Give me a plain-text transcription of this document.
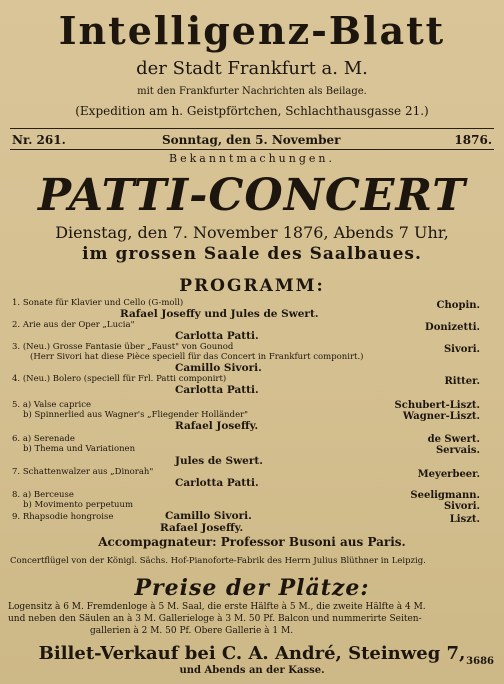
Intelligenz-Blatt
der Stadt Frankfurt a. M.
mit den Frankfurter Nachrichten als Beilage.
(Expedition am h. Geistpförtchen, Schlachthausgasse 21.)
Nr. 261.	Sonntag, den 5. November	1876.
Bekanntmachungen.
PATTI-CONCERT
Dienstag, den 7. November 1876, Abends 7 Uhr,
im grossen Saale des Saalbaues.
PROGRAMM:
1. Sonate für Klavier und Cello (G-moll)
Rafael Joseffy und Jules de Swert.
Chopin.
2. Arie aus der Oper „Lucia"
Carlotta Patti.
Donizetti.
3. (Neu.) Grosse Fantasie über „Faust" von Gounod
(Herr Sivori hat diese Pièce speciell für das Concert in Frankfurt componirt.)
Camillo Sivori.
Sivori.
4. (Neu.) Bolero (speciell für Frl. Patti componirt)
Carlotta Patti.
Ritter.
5. a) Valse caprice
b) Spinnerlied aus Wagner's „Fliegender Holländer"
Rafael Joseffy.
Schubert-Liszt.
Wagner-Liszt.
6. a) Serenade
b) Thema und Variationen
Jules de Swert.
de Swert.
Servais.
7. Schattenwalzer aus „Dinorah"
Carlotta Patti.
Meyerbeer.
8. a) Berceuse
b) Movimento perpetuum
Camillo Sivori.
Seeligmann.
Sivori.
9. Rhapsodie hongroise
Rafael Joseffy.
Liszt.
Accompagnateur: Professor Busoni aus Paris.
Concertflügel von der Königl. Sächs. Hof-Pianoforte-Fabrik des Herrn Julius Blüthner in Leipzig.
Preise der Plätze:
Logensitz à 6 M. Fremdenloge à 5 M. Saal, die erste Hälfte à 5 M., die zweite Hälfte à 4 M.
und neben den Säulen an à 3 M. Gallerieloge à 3 M. 50 Pf. Balcon und nummerirte Seiten-
gallerien à 2 M. 50 Pf. Obere Gallerie à 1 M.
Billet-Verkauf bei C. A. André, Steinweg 7,
und Abends an der Kasse.
3686
